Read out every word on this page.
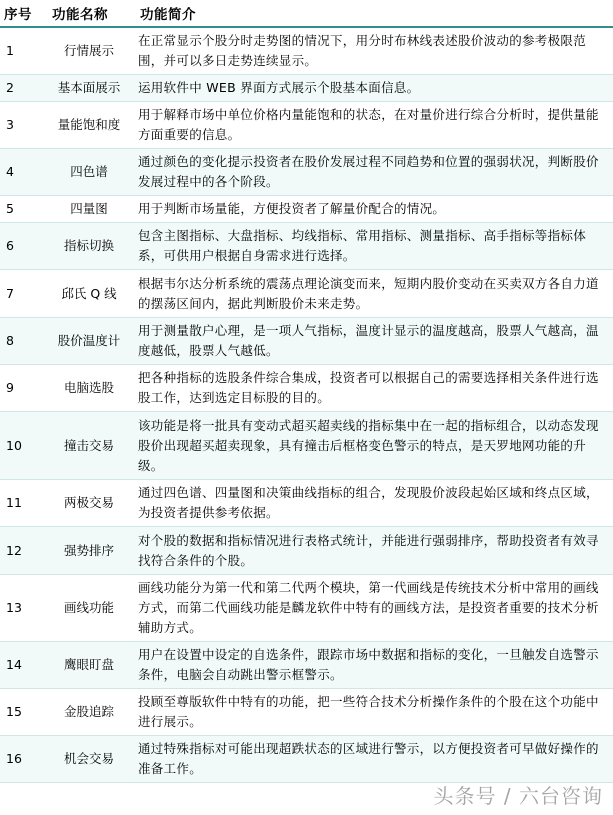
序号	功能名称	功能简介
1	行情展示	在正常显示个股分时走势图的情况下，用分时布林线表述股价波动的参考极限范围，并可以多日走势连续显示。
2	基本面展示	运用软件中 WEB 界面方式展示个股基本面信息。
3	量能饱和度	用于解释市场中单位价格内量能饱和的状态，在对量价进行综合分析时，提供量能方面重要的信息。
4	四色谱	通过颜色的变化提示投资者在股价发展过程不同趋势和位置的强弱状况，判断股价发展过程中的各个阶段。
5	四量图	用于判断市场量能，方便投资者了解量价配合的情况。
6	指标切换	包含主图指标、大盘指标、均线指标、常用指标、测量指标、高手指标等指标体系，可供用户根据自身需求进行选择。
7	邱氏 Q 线	根据韦尔达分析系统的震荡点理论演变而来，短期内股价变动在买卖双方各自力道的摆荡区间内，据此判断股价未来走势。
8	股价温度计	用于测量散户心理，是一项人气指标，温度计显示的温度越高，股票人气越高，温度越低，股票人气越低。
9	电脑选股	把各种指标的选股条件综合集成，投资者可以根据自己的需要选择相关条件进行选股工作，达到选定目标股的目的。
10	撞击交易	该功能是将一批具有变动式超买超卖线的指标集中在一起的指标组合，以动态发现股价出现超买超卖现象，具有撞击后框格变色警示的特点，是天罗地网功能的升级。
11	两极交易	通过四色谱、四量图和决策曲线指标的组合，发现股价波段起始区域和终点区域，为投资者提供参考依据。
12	强势排序	对个股的数据和指标情况进行表格式统计，并能进行强弱排序，帮助投资者有效寻找符合条件的个股。
13	画线功能	画线功能分为第一代和第二代两个模块，第一代画线是传统技术分析中常用的画线方式，而第二代画线功能是麟龙软件中特有的画线方法，是投资者重要的技术分析辅助方式。
14	鹰眼盯盘	用户在设置中设定的自选条件，跟踪市场中数据和指标的变化，一旦触发自选警示条件，电脑会自动跳出警示框警示。
15	金股追踪	投顾至尊版软件中特有的功能，把一些符合技术分析操作条件的个股在这个功能中进行展示。
16	机会交易	通过特殊指标对可能出现超跌状态的区域进行警示，以方便投资者可早做好操作的准备工作。
头条号 / 六台咨询
